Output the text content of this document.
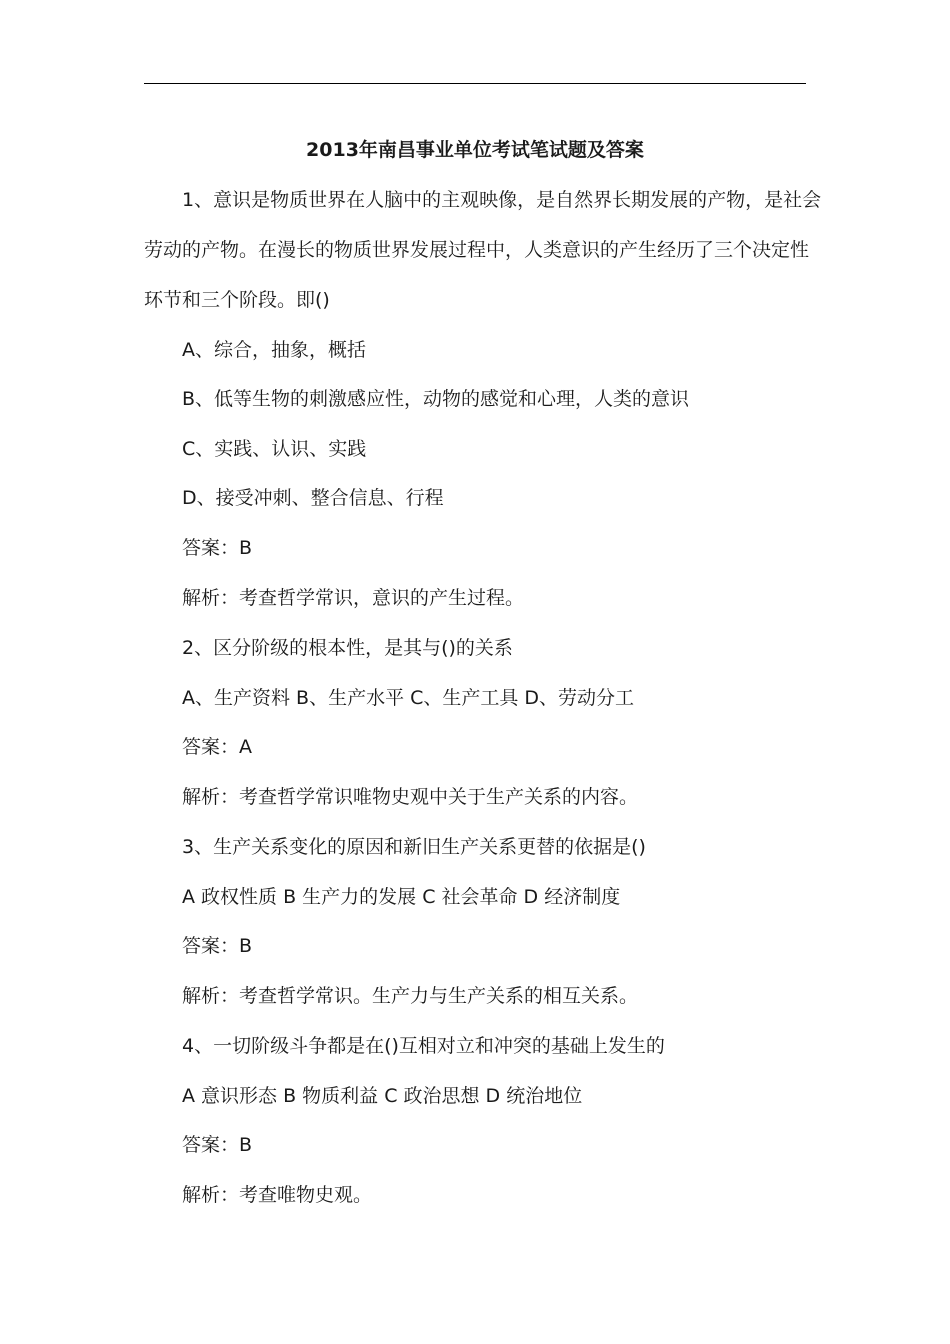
2013年南昌事业单位考试笔试题及答案

1、意识是物质世界在人脑中的主观映像，是自然界长期发展的产物，是社会

劳动的产物。在漫长的物质世界发展过程中，人类意识的产生经历了三个决定性

环节和三个阶段。即()

A、综合，抽象，概括

B、低等生物的刺激感应性，动物的感觉和心理，人类的意识

C、实践、认识、实践

D、接受冲刺、整合信息、行程

答案：B

解析：考查哲学常识，意识的产生过程。

2、区分阶级的根本性，是其与()的关系

A、生产资料 B、生产水平 C、生产工具 D、劳动分工

答案：A

解析：考查哲学常识唯物史观中关于生产关系的内容。

3、生产关系变化的原因和新旧生产关系更替的依据是()

A 政权性质 B 生产力的发展 C 社会革命 D 经济制度

答案：B

解析：考查哲学常识。生产力与生产关系的相互关系。

4、一切阶级斗争都是在()互相对立和冲突的基础上发生的

A 意识形态 B 物质利益 C 政治思想 D 统治地位

答案：B

解析：考查唯物史观。
